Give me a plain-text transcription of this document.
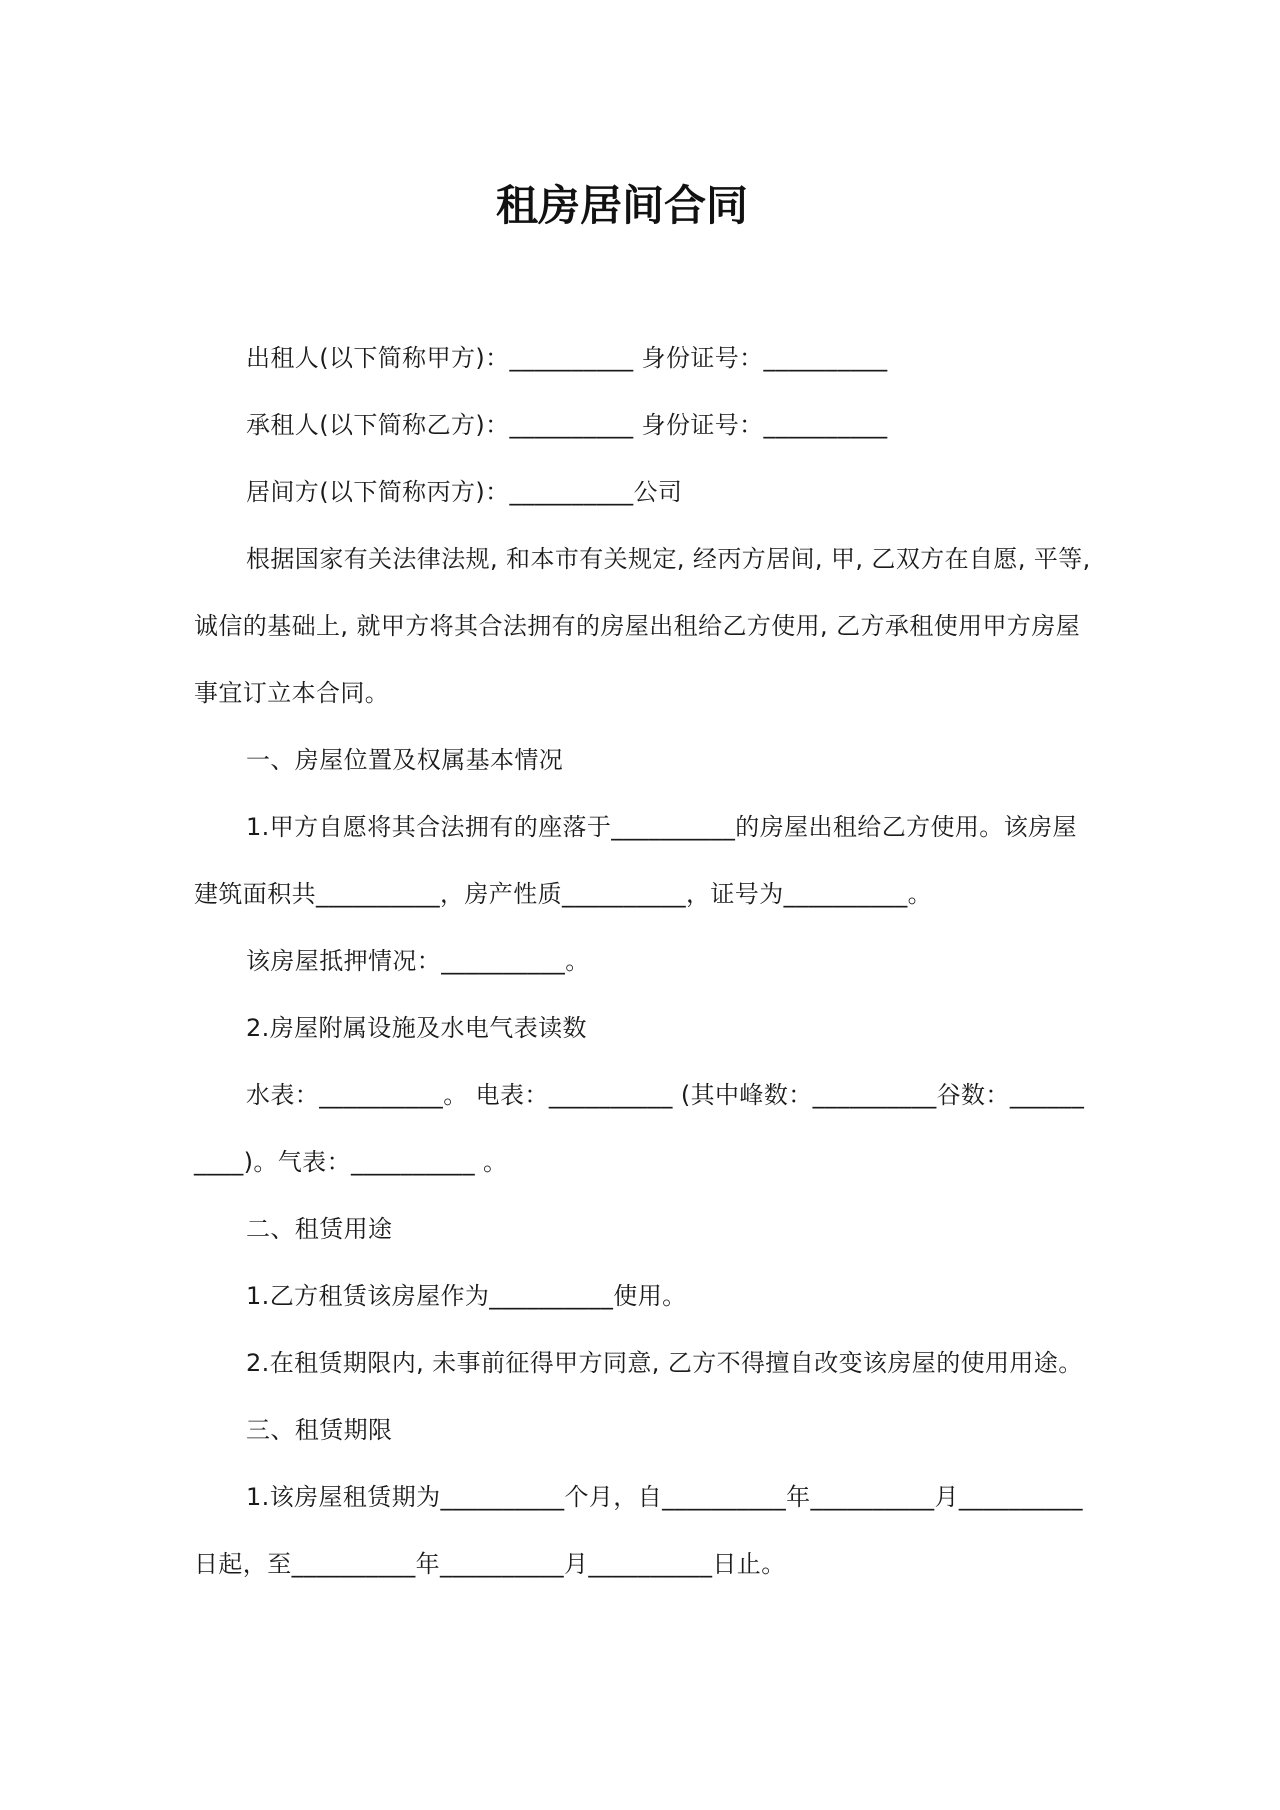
租房居间合同

出租人(以下简称甲方)：__________ 身份证号：__________

承租人(以下简称乙方)：__________ 身份证号：__________

居间方(以下简称丙方)：__________公司

根据国家有关法律法规, 和本市有关规定, 经丙方居间, 甲, 乙双方在自愿, 平等, 诚信的基础上, 就甲方将其合法拥有的房屋出租给乙方使用, 乙方承租使用甲方房屋事宜订立本合同。

一、房屋位置及权属基本情况

1.甲方自愿将其合法拥有的座落于__________的房屋出租给乙方使用。该房屋建筑面积共__________，房产性质__________，证号为__________。

该房屋抵押情况：__________。

2.房屋附属设施及水电气表读数

水表：__________。 电表：__________ (其中峰数：__________谷数：__________)。气表：__________ 。

二、租赁用途

1.乙方租赁该房屋作为__________使用。

2.在租赁期限内, 未事前征得甲方同意, 乙方不得擅自改变该房屋的使用用途。

三、租赁期限

1.该房屋租赁期为__________个月，自__________年__________月__________日起，至__________年__________月__________日止。
